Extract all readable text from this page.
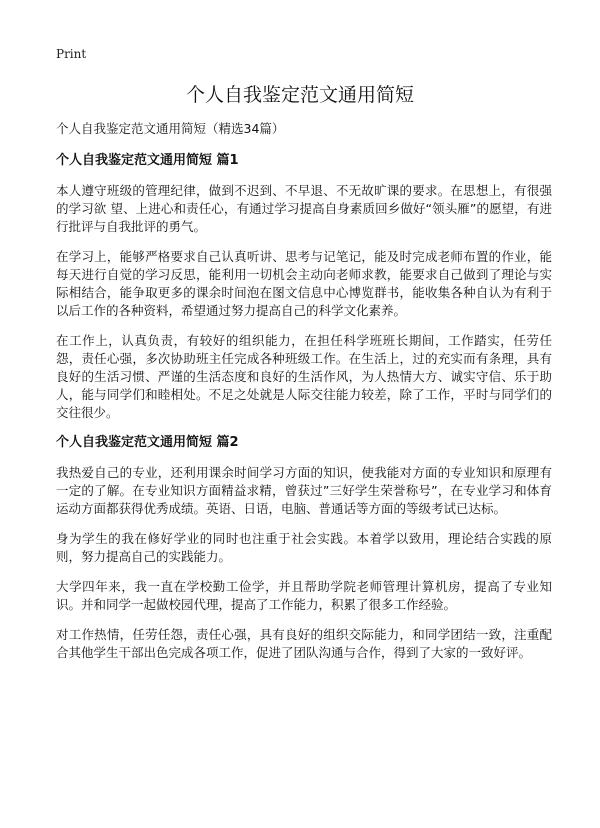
Print
个人自我鉴定范文通用简短

个人自我鉴定范文通用简短（精选34篇）

个人自我鉴定范文通用简短 篇1

本人遵守班级的管理纪律，做到不迟到、不早退、不无故旷课的要求。在思想上，有很强的学习欲 望、上进心和责任心，有通过学习提高自身素质回乡做好“领头雁”的愿望，有进行批评与自我批评的勇气。

在学习上，能够严格要求自己认真听讲、思考与记笔记，能及时完成老师布置的作业，能每天进行自觉的学习反思，能利用一切机会主动向老师求教，能要求自己做到了理论与实际相结合，能争取更多的课余时间泡在图文信息中心博览群书，能收集各种自认为有利于以后工作的各种资料，希望通过努力提高自己的科学文化素养。

在工作上，认真负责，有较好的组织能力，在担任科学班班长期间，工作踏实，任劳任怨，责任心强，多次协助班主任完成各种班级工作。在生活上，过的充实而有条理，具有良好的生活习惯、严谨的生活态度和良好的生活作风，为人热情大方、诚实守信、乐于助人，能与同学们和睦相处。不足之处就是人际交往能力较差，除了工作，平时与同学们的交往很少。

个人自我鉴定范文通用简短 篇2

我热爱自己的专业，还利用课余时间学习方面的知识，使我能对方面的专业知识和原理有一定的了解。在专业知识方面精益求精，曾获过”三好学生荣誉称号”，在专业学习和体育运动方面都获得优秀成绩。英语、日语，电脑、普通话等方面的等级考试已达标。

身为学生的我在修好学业的同时也注重于社会实践。本着学以致用，理论结合实践的原则，努力提高自己的实践能力。

大学四年来，我一直在学校勤工俭学，并且帮助学院老师管理计算机房，提高了专业知识。并和同学一起做校园代理，提高了工作能力，积累了很多工作经验。

对工作热情，任劳任怨，责任心强，具有良好的组织交际能力，和同学团结一致，注重配合其他学生干部出色完成各项工作，促进了团队沟通与合作，得到了大家的一致好评。
